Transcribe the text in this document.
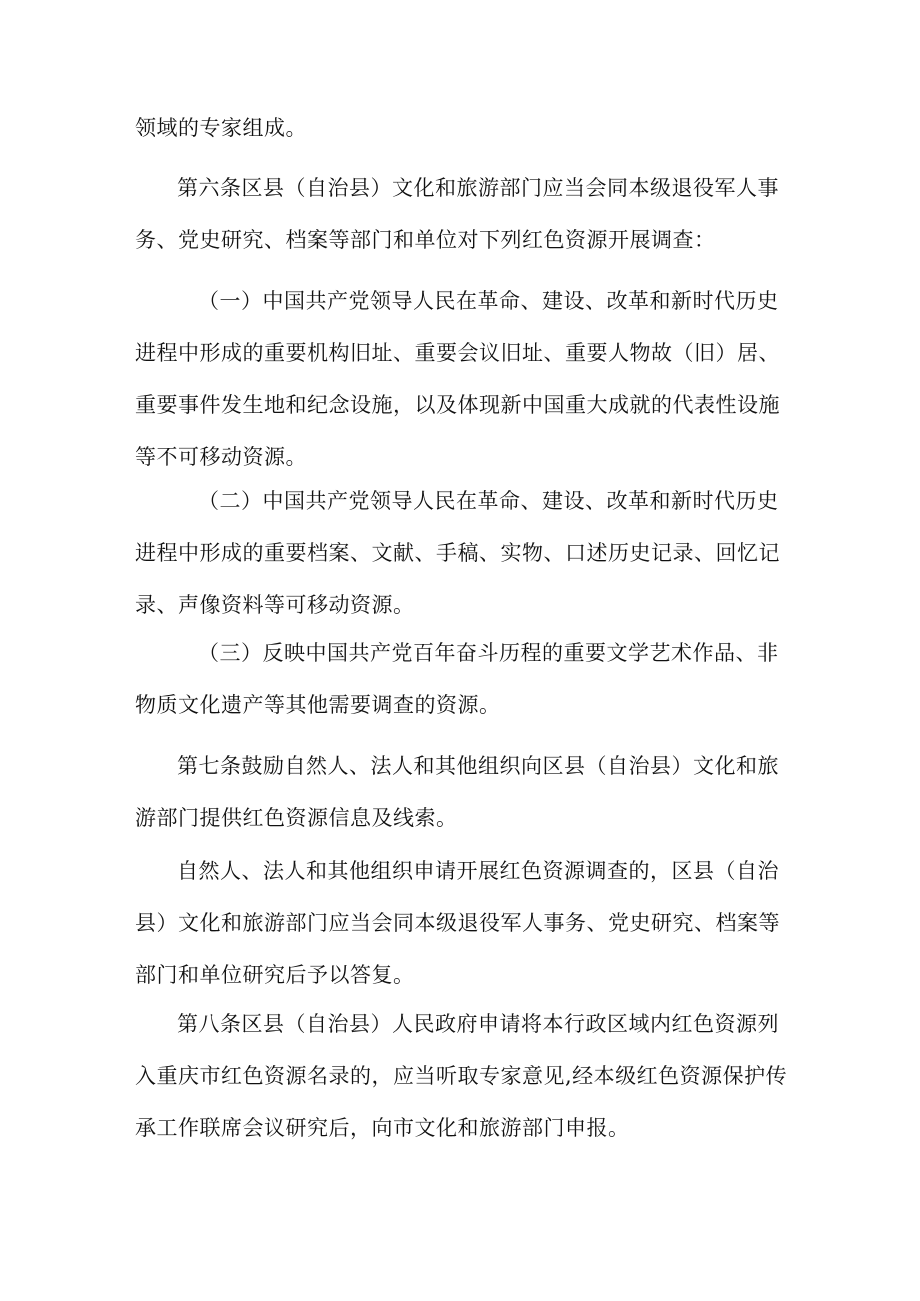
领域的专家组成。

第六条区县（自治县）文化和旅游部门应当会同本级退役军人事务、党史研究、档案等部门和单位对下列红色资源开展调查：

（一）中国共产党领导人民在革命、建设、改革和新时代历史进程中形成的重要机构旧址、重要会议旧址、重要人物故（旧）居、重要事件发生地和纪念设施，以及体现新中国重大成就的代表性设施等不可移动资源。

（二）中国共产党领导人民在革命、建设、改革和新时代历史进程中形成的重要档案、文献、手稿、实物、口述历史记录、回忆记录、声像资料等可移动资源。

（三）反映中国共产党百年奋斗历程的重要文学艺术作品、非物质文化遗产等其他需要调查的资源。

第七条鼓励自然人、法人和其他组织向区县（自治县）文化和旅游部门提供红色资源信息及线索。

自然人、法人和其他组织申请开展红色资源调查的，区县（自治县）文化和旅游部门应当会同本级退役军人事务、党史研究、档案等部门和单位研究后予以答复。

第八条区县（自治县）人民政府申请将本行政区域内红色资源列入重庆市红色资源名录的，应当听取专家意见,经本级红色资源保护传承工作联席会议研究后，向市文化和旅游部门申报。
